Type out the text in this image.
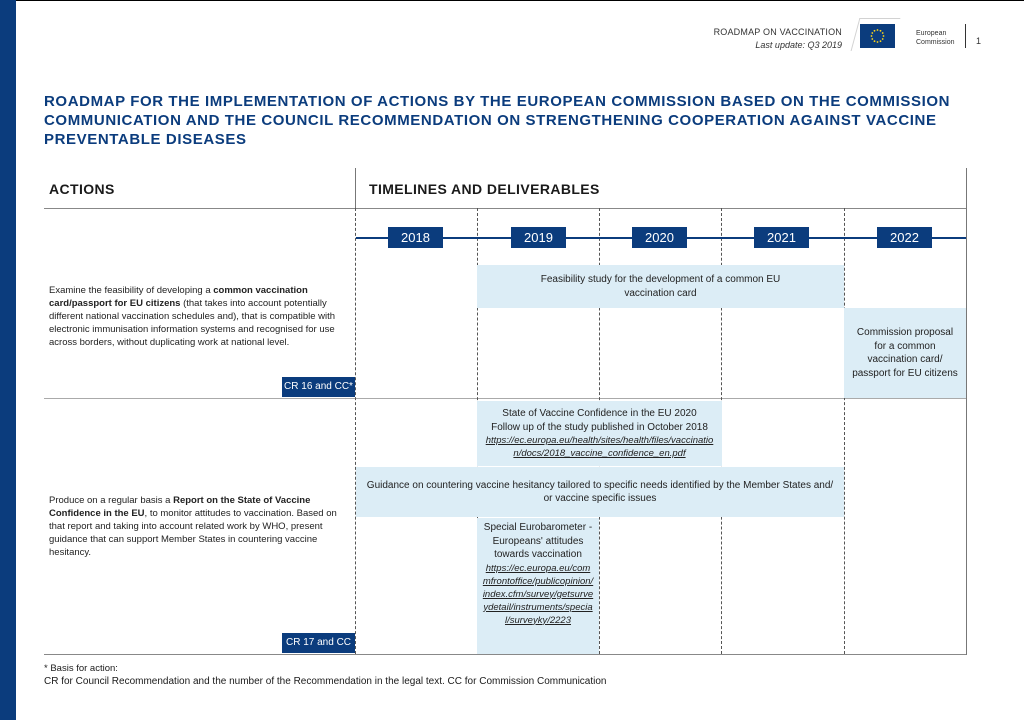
ROADMAP ON VACCINATION
Last update: Q3 2019
European
Commission 1
ROADMAP FOR THE IMPLEMENTATION OF ACTIONS BY THE EUROPEAN COMMISSION BASED ON THE COMMISSION COMMUNICATION AND THE COUNCIL RECOMMENDATION ON STRENGTHENING COOPERATION AGAINST VACCINE PREVENTABLE DISEASES
ACTIONS	TIMELINES AND DELIVERABLES
2018	2019	2020	2021	2022
Examine the feasibility of developing a common vaccination card/passport for EU citizens (that takes into account potentially different national vaccination schedules and), that is compatible with electronic immunisation information systems and recognised for use across borders, without duplicating work at national level.
CR 16 and CC*
Feasibility study for the development of a common EU vaccination card
Commission proposal for a common vaccination card/ passport for EU citizens
Produce on a regular basis a Report on the State of Vaccine Confidence in the EU, to monitor attitudes to vaccination. Based on that report and taking into account related work by WHO, present guidance that can support Member States in countering vaccine hesitancy.
CR 17 and CC
State of Vaccine Confidence in the EU 2020
Follow up of the study published in October 2018
https://ec.europa.eu/health/sites/health/files/vaccination/docs/2018_vaccine_confidence_en.pdf
Guidance on countering vaccine hesitancy tailored to specific needs identified by the Member States and/ or vaccine specific issues
Special Eurobarometer - Europeans' attitudes towards vaccination
https://ec.europa.eu/commfrontoffice/publicopinion/index.cfm/survey/getsurveydetail/instruments/special/surveyky/2223
* Basis for action:
CR for Council Recommendation and the number of the Recommendation in the legal text. CC for Commission Communication
